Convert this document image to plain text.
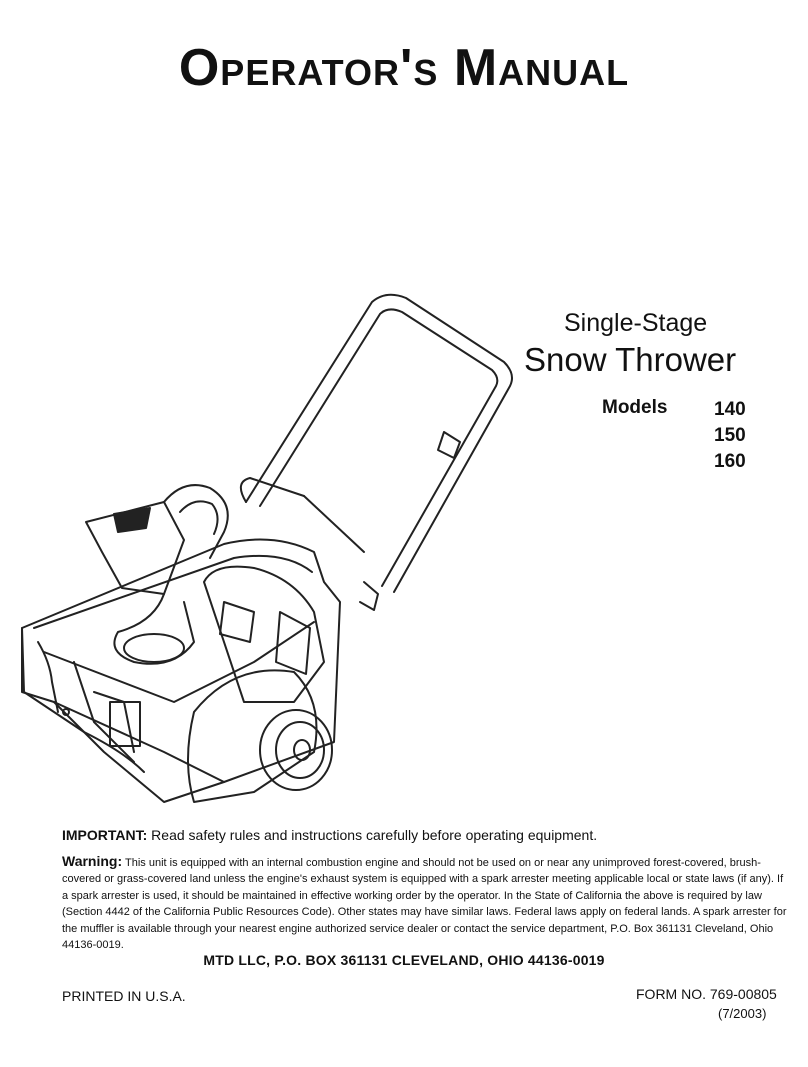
Operator's Manual
Single-Stage
Snow Thrower
Models 140
150
160
IMPORTANT: Read safety rules and instructions carefully before operating equipment.
Warning: This unit is equipped with an internal combustion engine and should not be used on or near any unimproved forest-covered, brush-covered or grass-covered land unless the engine's exhaust system is equipped with a spark arrester meeting applicable local or state laws (if any). If a spark arrester is used, it should be maintained in effective working order by the operator. In the State of California the above is required by law (Section 4442 of the California Public Resources Code). Other states may have similar laws. Federal laws apply on federal lands. A spark arrester for the muffler is available through your nearest engine authorized service dealer or contact the service department, P.O. Box 361131 Cleveland, Ohio 44136-0019.
MTD LLC, P.O. BOX 361131 CLEVELAND, OHIO 44136-0019
PRINTED IN U.S.A.	FORM NO. 769-00805
(7/2003)
